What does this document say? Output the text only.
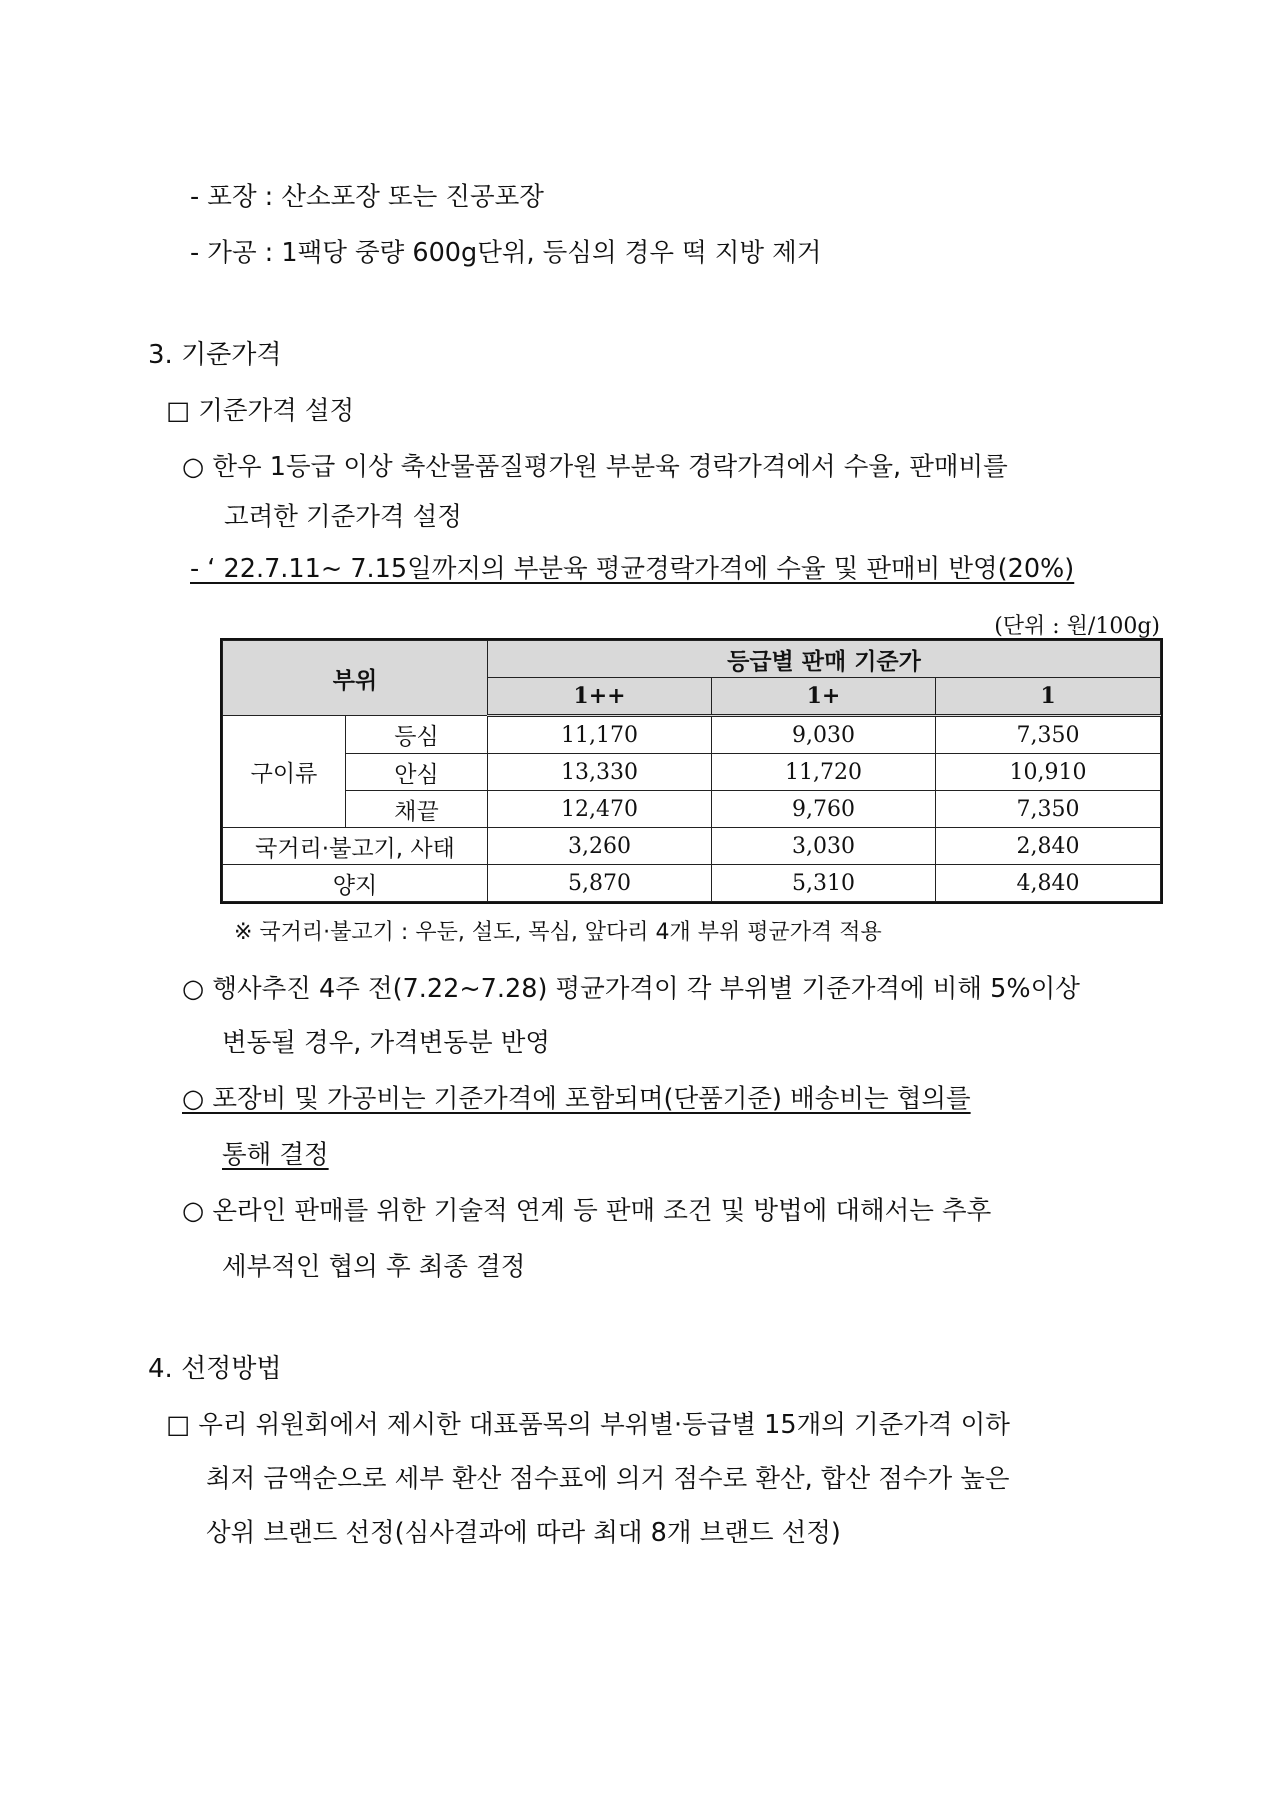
- 포장 : 산소포장 또는 진공포장
- 가공 : 1팩당 중량 600g단위, 등심의 경우 떡 지방 제거
3. 기준가격
□ 기준가격 설정
○ 한우 1등급 이상 축산물품질평가원 부분육 경락가격에서 수율, 판매비를
고려한 기준가격 설정
- ‘ 22.7.11~ 7.15일까지의 부분육 평균경락가격에 수율 및 판매비 반영(20%)
(단위 : 원/100g)
부위		등급별 판매 기준가		
		1++	1+	1
구이류	등심	11,170	9,030	7,350
	안심	13,330	11,720	10,910
	채끝	12,470	9,760	7,350
국거리·불고기, 사태		3,260	3,030	2,840
양지		5,870	5,310	4,840
※ 국거리·불고기 : 우둔, 설도, 목심, 앞다리 4개 부위 평균가격 적용
○ 행사추진 4주 전(7.22~7.28) 평균가격이 각 부위별 기준가격에 비해 5%이상
변동될 경우, 가격변동분 반영
○ 포장비 및 가공비는 기준가격에 포함되며(단품기준) 배송비는 협의를
통해 결정
○ 온라인 판매를 위한 기술적 연계 등 판매 조건 및 방법에 대해서는 추후
세부적인 협의 후 최종 결정
4. 선정방법
□ 우리 위원회에서 제시한 대표품목의 부위별·등급별 15개의 기준가격 이하
최저 금액순으로 세부 환산 점수표에 의거 점수로 환산, 합산 점수가 높은
상위 브랜드 선정(심사결과에 따라 최대 8개 브랜드 선정)
